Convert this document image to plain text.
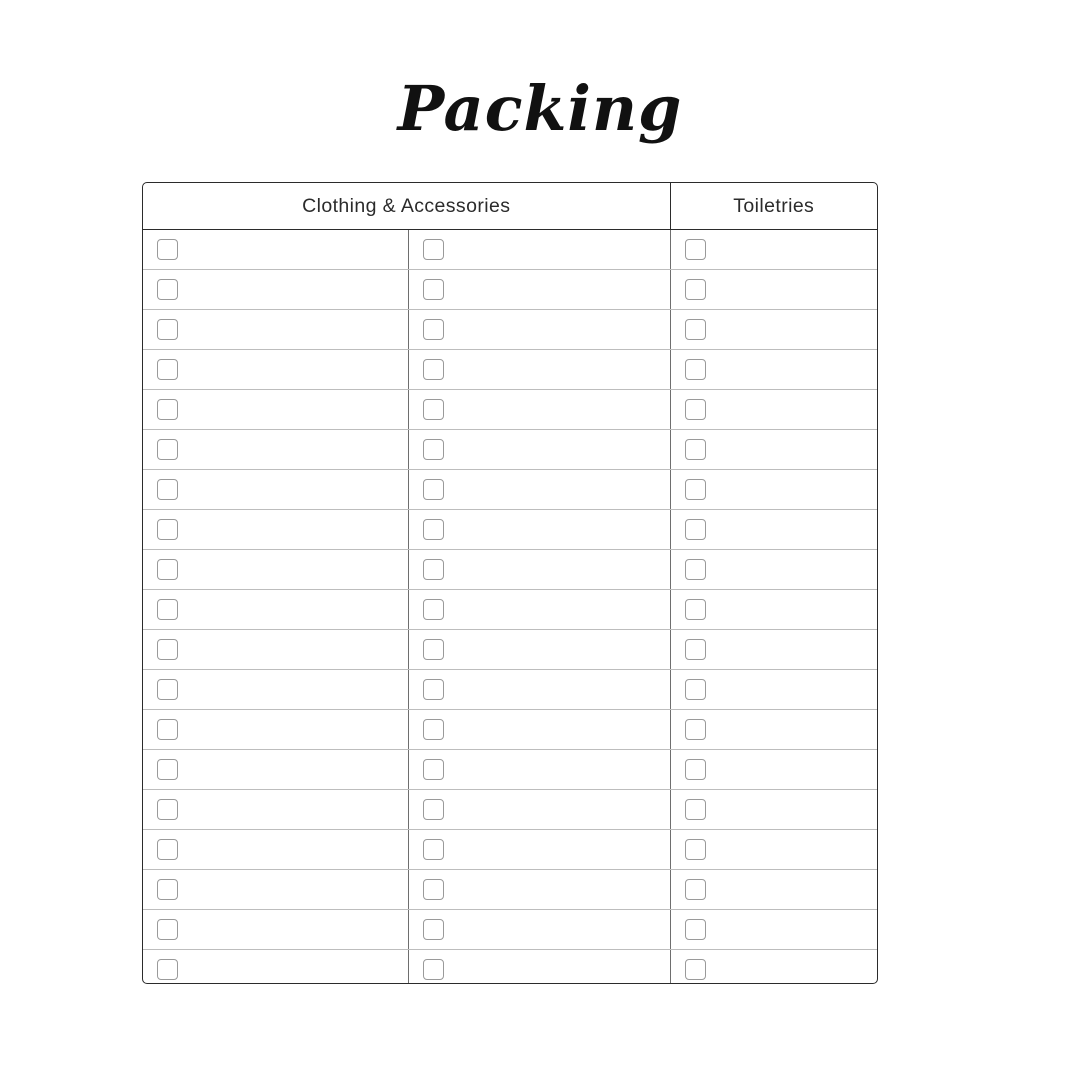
Packing
Clothing & Accessories		Toiletries
